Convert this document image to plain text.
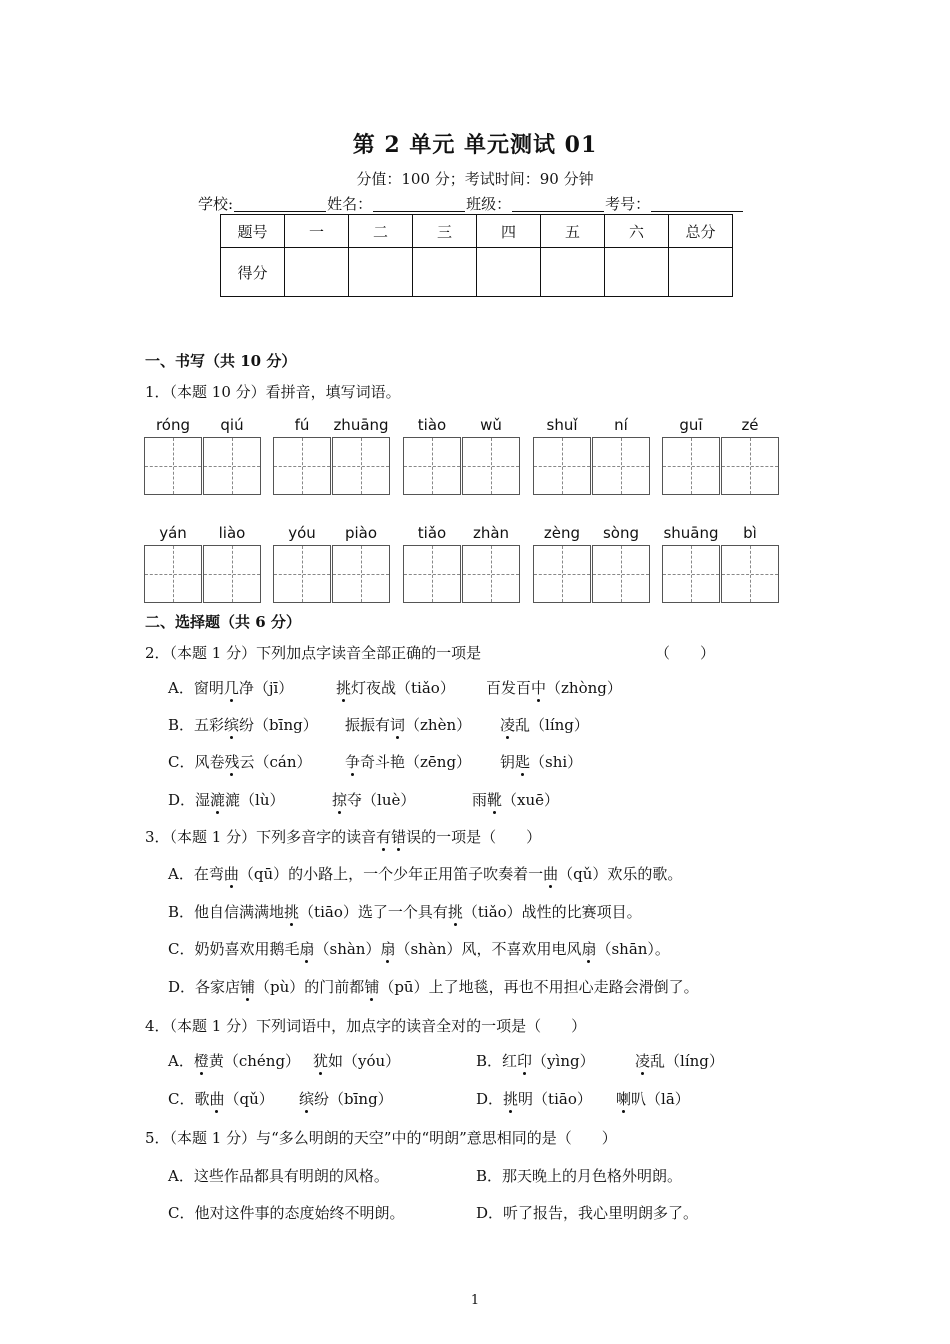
第 2 单元 单元测试 01
分值：100 分；考试时间：90 分钟
学校:	姓名：	班级：	考号：
题号	一	二	三	四	五	六	总分
得分							
一、书写（共 10 分）
1．（本题 10 分）看拼音，填写词语。
róng	qiú	fú	zhuāng	tiào	wǔ	shuǐ	ní	guī	zé
yán	liào	yóu	piào	tiǎo	zhàn	zèng	sòng	shuāng	bì
二、选择题（共 6 分）
2．（本题 1 分）下列加点字读音全部正确的一项是	（　　）
A．窗明几净（jī）	挑灯夜战（tiǎo） 百发百中（zhòng）
B．五彩缤纷（bīng） 振振有词（zhèn） 凌乱（líng）
C．风卷残云（cán） 争奇斗艳（zēng） 钥匙（shi）
D．湿漉漉（lù）	掠夺（luè）	雨靴（xuē）
3．（本题 1 分）下列多音字的读音有错误的一项是（　　）
A．在弯曲（qū）的小路上，一个少年正用笛子吹奏着一曲（qǔ）欢乐的歌。
B．他自信满满地挑（tiāo）选了一个具有挑（tiǎo）战性的比赛项目。
C．奶奶喜欢用鹅毛扇（shàn）扇（shàn）风，不喜欢用电风扇（shān）。
D．各家店铺（pù）的门前都铺（pū）上了地毯，再也不用担心走路会滑倒了。
4．（本题 1 分）下列词语中，加点字的读音全对的一项是（　　）
A．橙黄（chéng） 犹如（yóu）	B．红印（yìng）	凌乱（líng）
C．歌曲（qǔ） 缤纷（bīng）	D．挑明（tiāo） 喇叭（lā）
5．（本题 1 分）与“多么明朗的天空”中的“明朗”意思相同的是（　　）
A．这些作品都具有明朗的风格。	B．那天晚上的月色格外明朗。
C．他对这件事的态度始终不明朗。	D．听了报告，我心里明朗多了。
1
